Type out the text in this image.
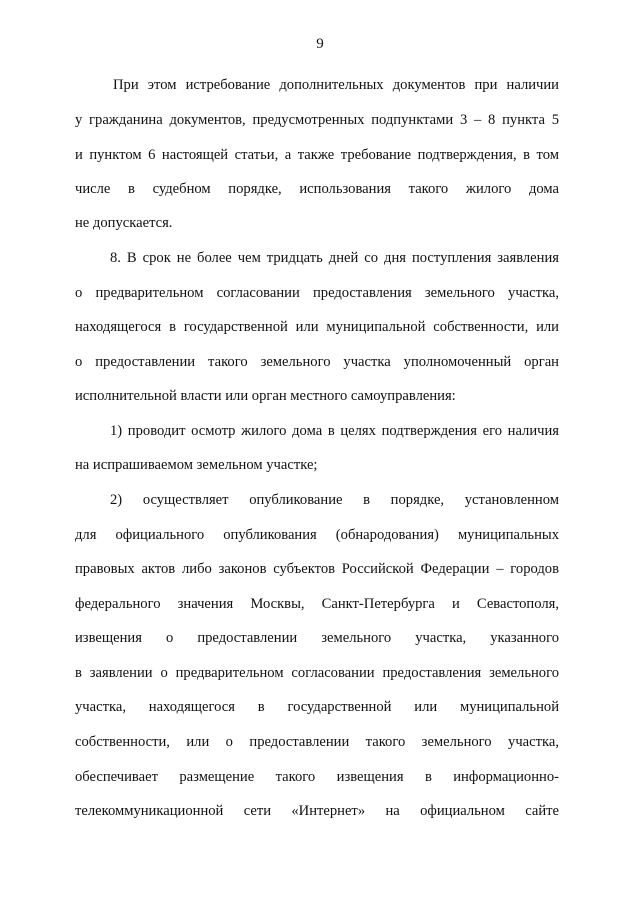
9
При этом истребование дополнительных документов при наличии
у гражданина документов, предусмотренных подпунктами 3 – 8 пункта 5
и пунктом 6 настоящей статьи, а также требование подтверждения, в том
числе в судебном порядке, использования такого жилого дома
не допускается.
8. В срок не более чем тридцать дней со дня поступления заявления
о предварительном согласовании предоставления земельного участка,
находящегося в государственной или муниципальной собственности, или
о предоставлении такого земельного участка уполномоченный орган
исполнительной власти или орган местного самоуправления:
1) проводит осмотр жилого дома в целях подтверждения его наличия
на испрашиваемом земельном участке;
2) осуществляет опубликование в порядке, установленном
для официального опубликования (обнародования) муниципальных
правовых актов либо законов субъектов Российской Федерации – городов
федерального значения Москвы, Санкт-Петербурга и Севастополя,
извещения о предоставлении земельного участка, указанного
в заявлении о предварительном согласовании предоставления земельного
участка, находящегося в государственной или муниципальной
собственности, или о предоставлении такого земельного участка,
обеспечивает размещение такого извещения в информационно-
телекоммуникационной сети «Интернет» на официальном сайте
